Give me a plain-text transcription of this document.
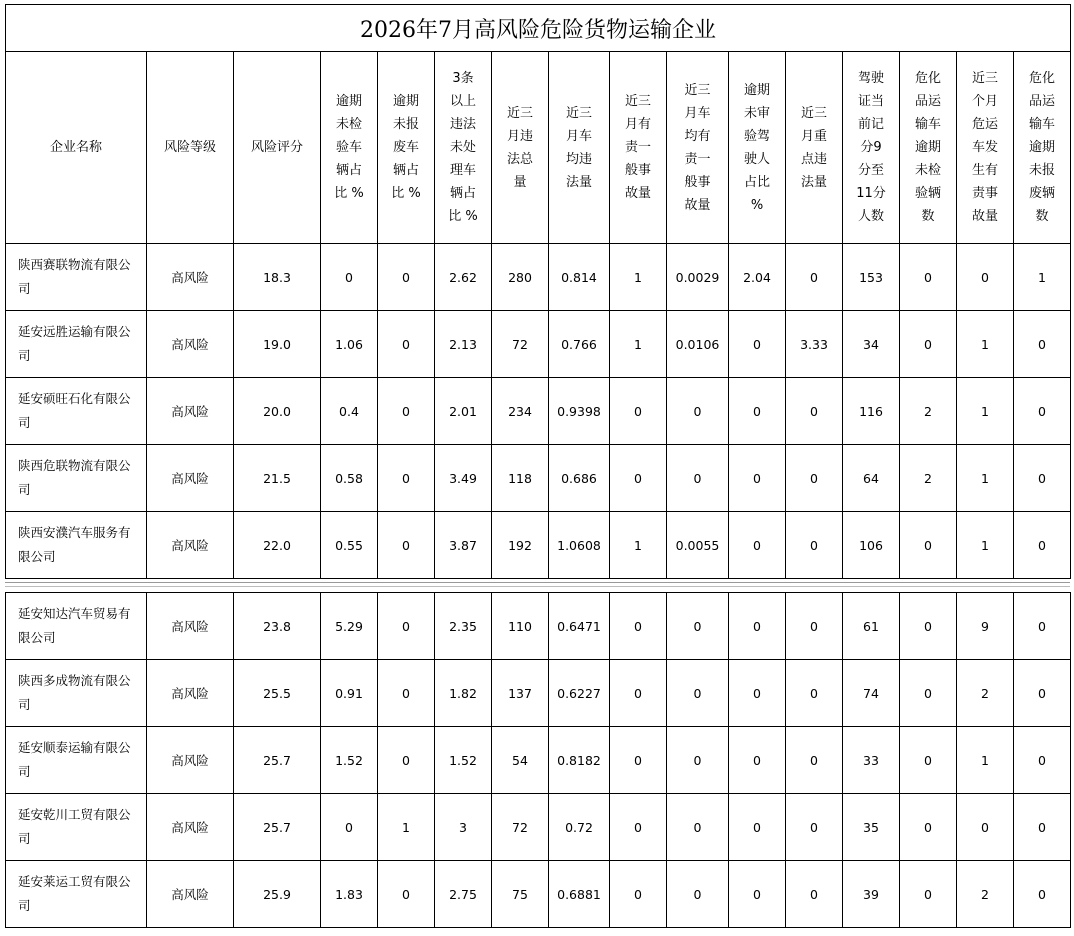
2026年7月高风险危险货物运输企业															
企业名称	风险等级	风险评分	逾期未检验车辆占比 %	逾期未报废车辆占比 %	3条以上违法未处理车辆占比 %	近三月违法总量	近三月车均违法量	近三月有责一般事故量	近三月车均有责一般事故量	逾期未审验驾驶人占比 %	近三月重点违法量	驾驶证当前记分9分至11分人数	危化品运输车逾期未检验辆数	近三个月危运车发生有责事故量	危化品运输车逾期未报废辆数
陕西赛联物流有限公司	高风险	18.3	0	0	2.62	280	0.814	1	0.0029	2.04	0	153	0	0	1
延安远胜运输有限公司	高风险	19.0	1.06	0	2.13	72	0.766	1	0.0106	0	3.33	34	0	1	0
延安硕旺石化有限公司	高风险	20.0	0.4	0	2.01	234	0.9398	0	0	0	0	116	2	1	0
陕西危联物流有限公司	高风险	21.5	0.58	0	3.49	118	0.686	0	0	0	0	64	2	1	0
陕西安濮汽车服务有限公司	高风险	22.0	0.55	0	3.87	192	1.0608	1	0.0055	0	0	106	0	1	0
延安知达汽车贸易有限公司	高风险	23.8	5.29	0	2.35	110	0.6471	0	0	0	0	61	0	9	0
陕西多成物流有限公司	高风险	25.5	0.91	0	1.82	137	0.6227	0	0	0	0	74	0	2	0
延安顺泰运输有限公司	高风险	25.7	1.52	0	1.52	54	0.8182	0	0	0	0	33	0	1	0
延安乾川工贸有限公司	高风险	25.7	0	1	3	72	0.72	0	0	0	0	35	0	0	0
延安莱运工贸有限公司	高风险	25.9	1.83	0	2.75	75	0.6881	0	0	0	0	39	0	2	0
